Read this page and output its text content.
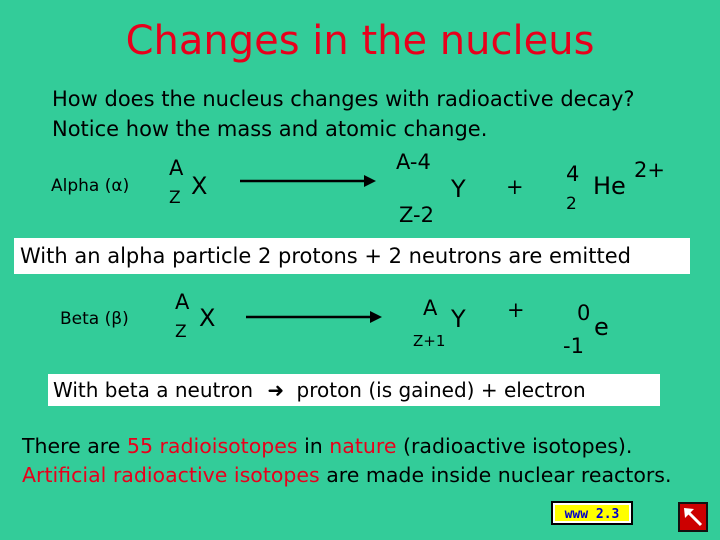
Changes in the nucleus
How does the nucleus changes with radioactive decay?
Notice how the mass and atomic change.
Alpha (α)
A
Z X
A-4
Y
Z-2
+
4
2
He
2+
With an alpha particle 2 protons + 2 neutrons are emitted
Beta (β)
A
Z X	A Y
Z+1
+ 0 e
-1
With beta a neutron ➜ proton (is gained) + electron
There are 55 radioisotopes in nature (radioactive isotopes).
Artificial radioactive isotopes are made inside nuclear reactors.
www 2.3
